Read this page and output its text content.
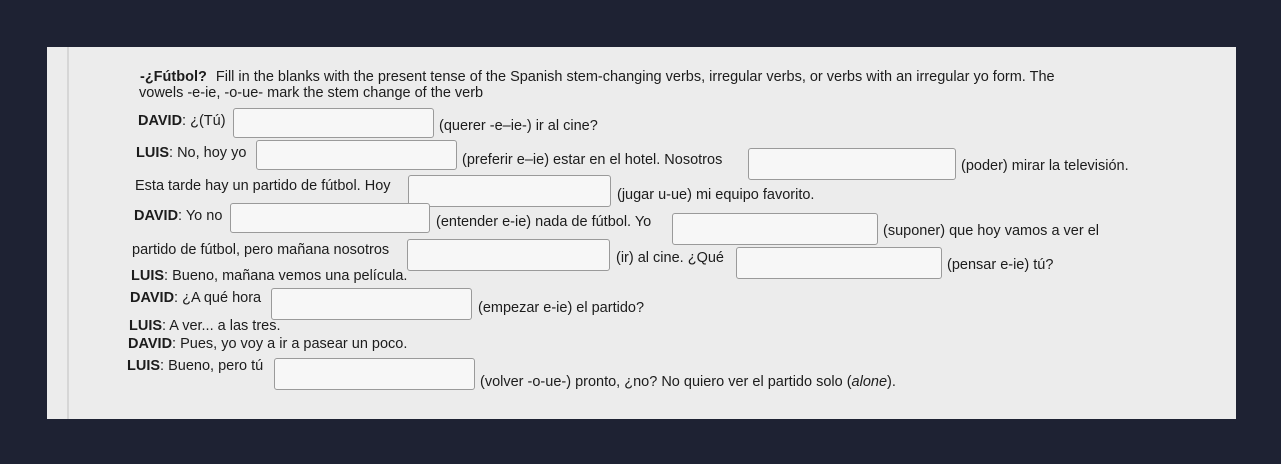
-¿Fútbol? Fill in the blanks with the present tense of the Spanish stem-changing verbs, irregular verbs, or verbs with an irregular yo form. The
vowels -e-ie, -o-ue- mark the stem change of the verb
DAVID: ¿(Tú)	(querer -e–ie-) ir al cine?
LUIS: No, hoy yo	(preferir e–ie) estar en el hotel. Nosotros	(poder) mirar la televisión.
Esta tarde hay un partido de fútbol. Hoy
(jugar u-ue) mi equipo favorito.
DAVID: Yo no	(entender e-ie) nada de fútbol. Yo
(suponer) que hoy vamos a ver el
partido de fútbol, pero mañana nosotros	(ir) al cine. ¿Qué	(pensar e-ie) tú?
LUIS: Bueno, mañana vemos una película.
DAVID: ¿A qué hora
(empezar e-ie) el partido?
LUIS: A ver... a las tres.
DAVID: Pues, yo voy a ir a pasear un poco.
LUIS: Bueno, pero tú
(volver -o-ue-) pronto, ¿no? No quiero ver el partido solo (alone).
